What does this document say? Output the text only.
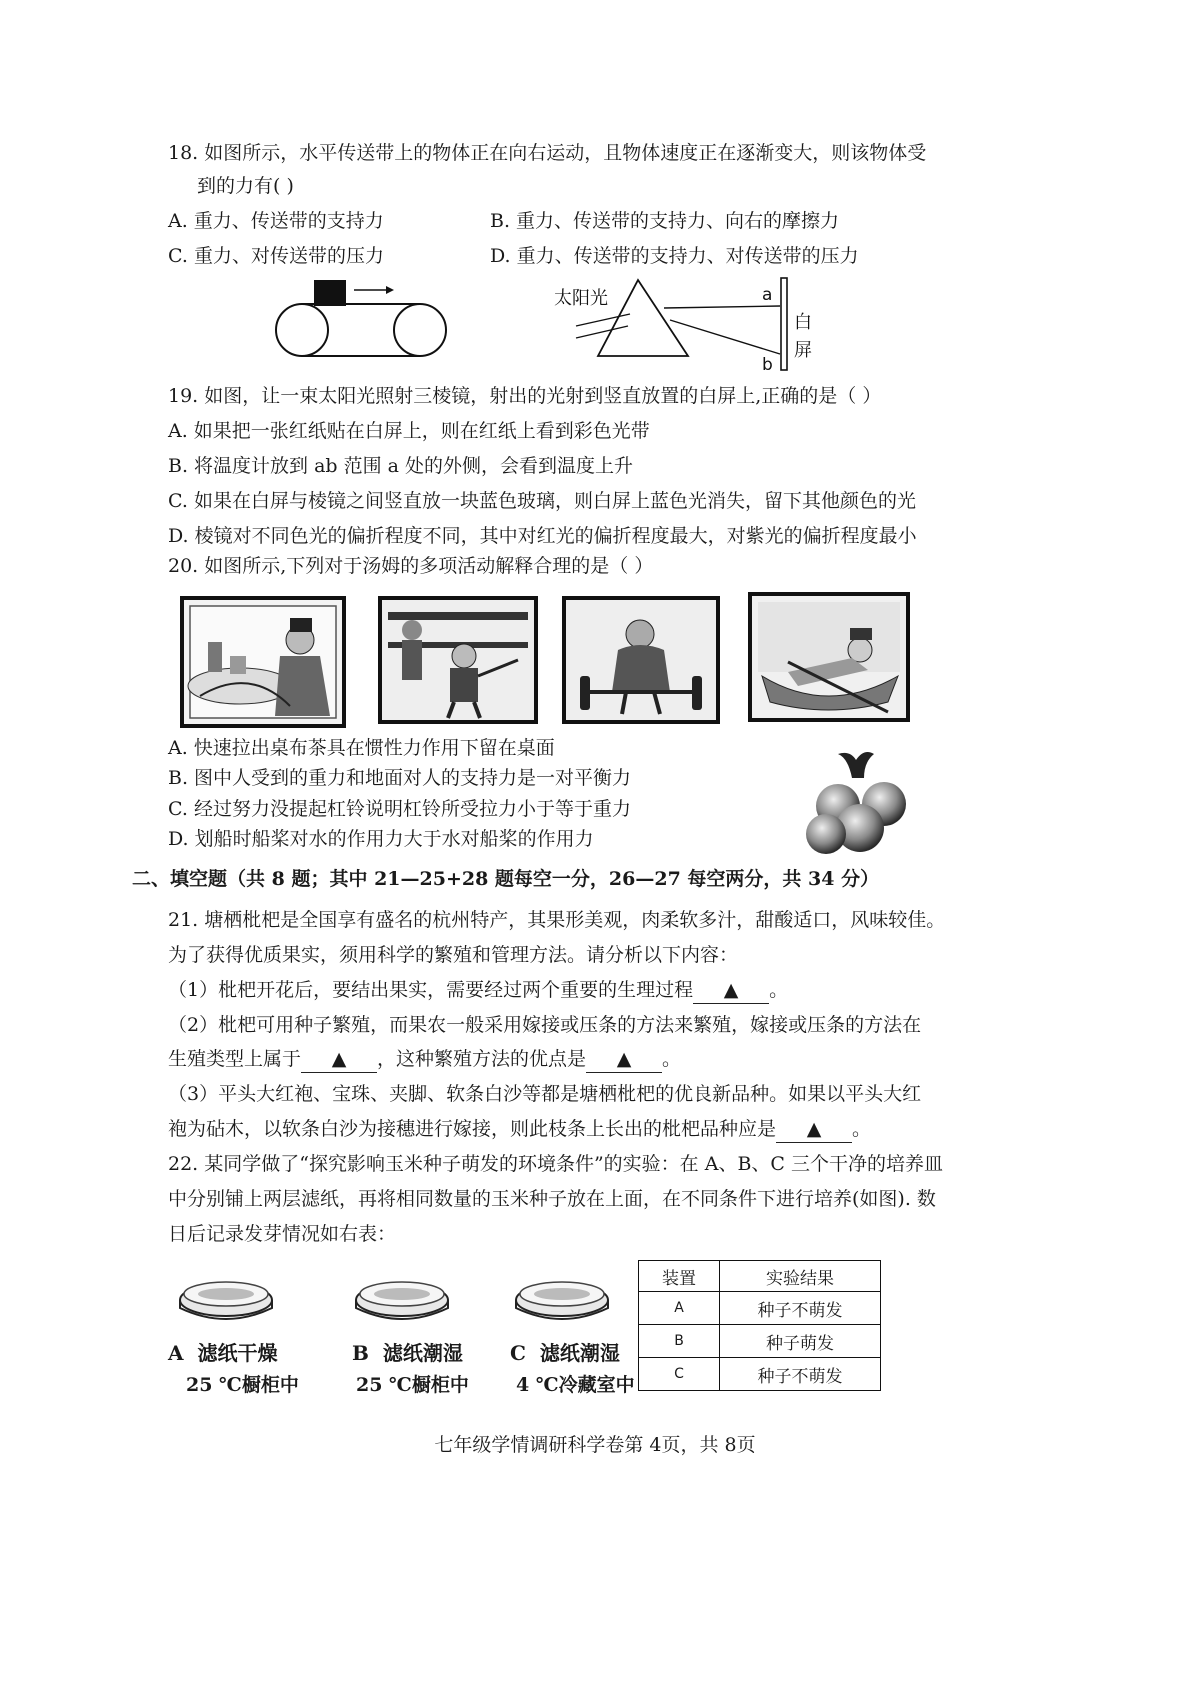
18. 如图所示，水平传送带上的物体正在向右运动，且物体速度正在逐渐变大，则该物体受
到的力有( )
A. 重力、传送带的支持力	B. 重力、传送带的支持力、向右的摩擦力
C. 重力、对传送带的压力	D. 重力、传送带的支持力、对传送带的压力
太阳光	a
b
白
屏
19. 如图，让一束太阳光照射三棱镜，射出的光射到竖直放置的白屏上,正确的是（ ）
A. 如果把一张红纸贴在白屏上，则在红纸上看到彩色光带
B. 将温度计放到 ab 范围 a 处的外侧，会看到温度上升
C. 如果在白屏与棱镜之间竖直放一块蓝色玻璃，则白屏上蓝色光消失，留下其他颜色的光
D. 棱镜对不同色光的偏折程度不同，其中对红光的偏折程度最大，对紫光的偏折程度最小
20. 如图所示,下列对于汤姆的多项活动解释合理的是（ ）
A. 快速拉出桌布茶具在惯性力作用下留在桌面
B. 图中人受到的重力和地面对人的支持力是一对平衡力
C. 经过努力没提起杠铃说明杠铃所受拉力小于等于重力
D. 划船时船桨对水的作用力大于水对船桨的作用力
二、填空题（共 8 题；其中 21—25+28 题每空一分，26—27 每空两分，共 34 分）
21. 塘栖枇杷是全国享有盛名的杭州特产，其果形美观，肉柔软多汁，甜酸适口，风味较佳。
为了获得优质果实，须用科学的繁殖和管理方法。请分析以下内容：
（1）枇杷开花后，要结出果实，需要经过两个重要的生理过程 ▲ 。
（2）枇杷可用种子繁殖，而果农一般采用嫁接或压条的方法来繁殖，嫁接或压条的方法在
生殖类型上属于 ▲ ，这种繁殖方法的优点是 ▲ 。
（3）平头大红袍、宝珠、夹脚、软条白沙等都是塘栖枇杷的优良新品种。如果以平头大红
袍为砧木，以软条白沙为接穗进行嫁接，则此枝条上长出的枇杷品种应是 ▲ 。
22. 某同学做了“探究影响玉米种子萌发的环境条件”的实验：在 A、B、C 三个干净的培养皿
中分别铺上两层滤纸，再将相同数量的玉米种子放在上面，在不同条件下进行培养(如图). 数
日后记录发芽情况如右表：
A 滤纸干燥
25 ℃橱柜中
B 滤纸潮湿
25 ℃橱柜中
C 滤纸潮湿
4 ℃冷藏室中
装置	实验结果
A	种子不萌发
B	种子萌发
C	种子不萌发
七年级学情调研科学卷第 4页，共 8页
